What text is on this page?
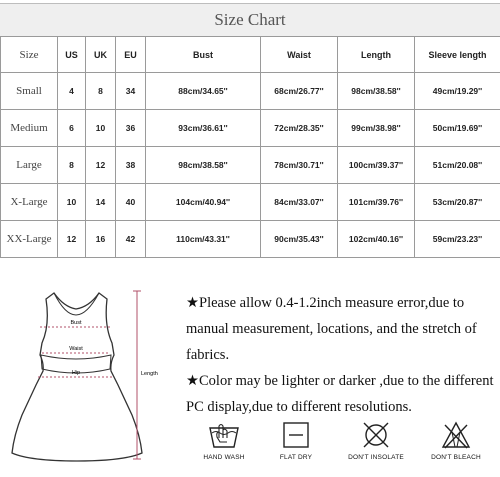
Size Chart
Size	US	UK	EU	Bust	Waist	Length	Sleeve length
Small	4	8	34	88cm/34.65''	68cm/26.77''	98cm/38.58''	49cm/19.29''
Medium	6	10	36	93cm/36.61''	72cm/28.35''	99cm/38.98''	50cm/19.69''
Large	8	12	38	98cm/38.58''	78cm/30.71''	100cm/39.37''	51cm/20.08''
X-Large	10	14	40	104cm/40.94''	84cm/33.07''	101cm/39.76''	53cm/20.87''
XX-Large	12	16	42	110cm/43.31''	90cm/35.43''	102cm/40.16''	59cm/23.23''
Bust
Waist
Hip	Length

★Please allow 0.4-1.2inch measure error,due to manual measurement, locations, and the stretch of fabrics.

★Color may be lighter or darker ,due to the different PC display,due to different resolutions.

HAND WASH	FLAT DRY	DON'T INSOLATE	DON'T BLEACH
